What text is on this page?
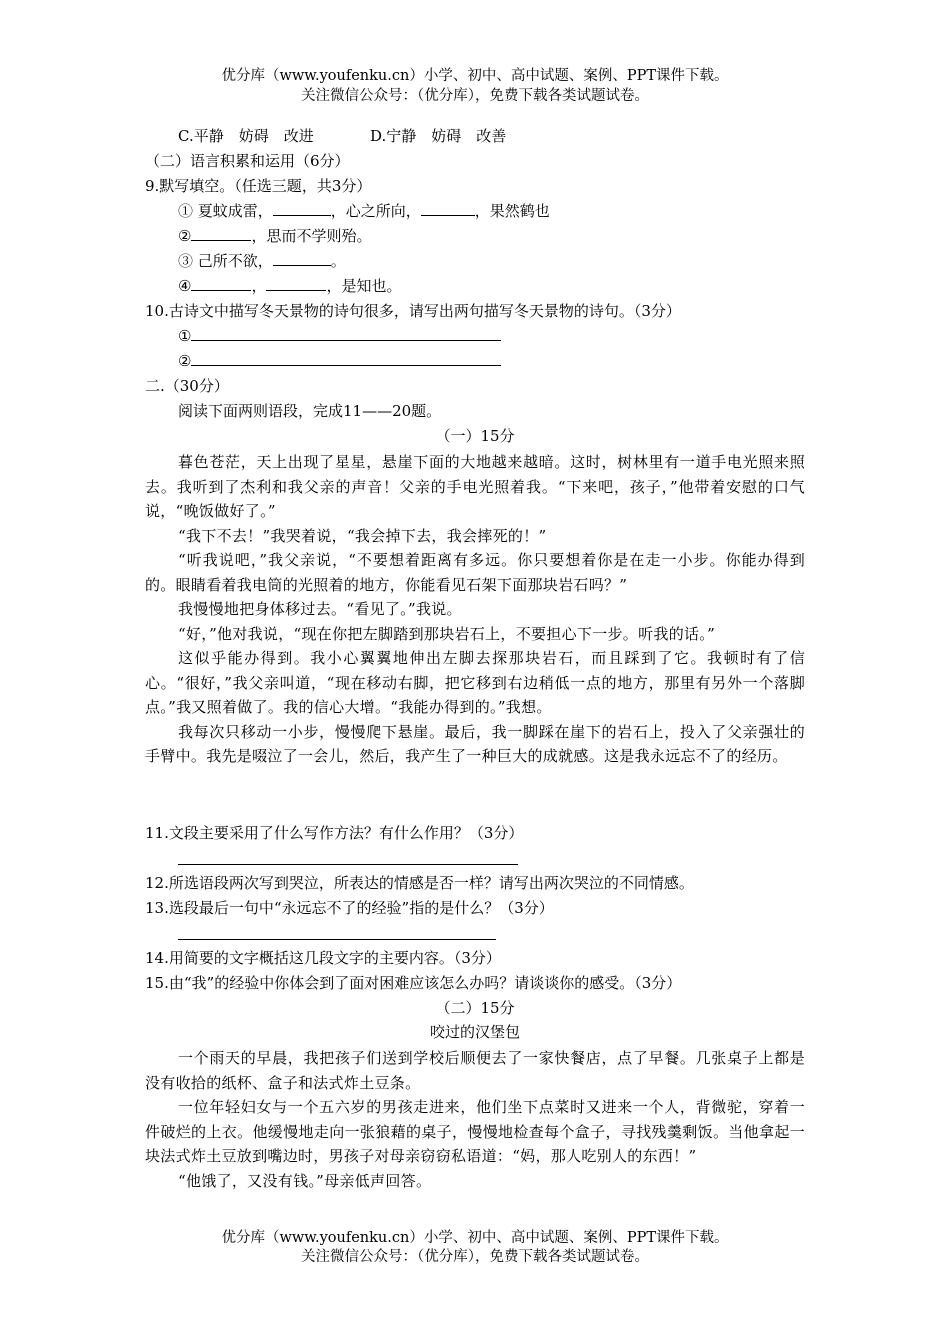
优分库（www.youfenku.cn）小学、初中、高中试题、案例、PPT课件下载。
关注微信公众号：（优分库），免费下载各类试题试卷。
C.平静　妨碍　改进	D.宁静　妨碍　改善
（二）语言积累和运用（6分）
9.默写填空。（任选三题，共3分）
① 夏蚊成雷，	，心之所向，	，果然鹤也
②	，思而不学则殆。
③ 己所不欲，	。
④	，	，是知也。
10.古诗文中描写冬天景物的诗句很多，请写出两句描写冬天景物的诗句。（3分）
①
②
二.（30分）
阅读下面两则语段，完成11——20题。
（一）15分

暮色苍茫，天上出现了星星，悬崖下面的大地越来越暗。这时，树林里有一道手电光照来照去。我听到了杰利和我父亲的声音！父亲的手电光照着我。“下来吧，孩子，”他带着安慰的口气说，“晚饭做好了。”

“我下不去！”我哭着说，“我会掉下去，我会摔死的！”

“听我说吧，”我父亲说，“不要想着距离有多远。你只要想着你是在走一小步。你能办得到的。眼睛看着我电筒的光照着的地方，你能看见石架下面那块岩石吗？”

我慢慢地把身体移过去。“看见了。”我说。

“好，”他对我说，“现在你把左脚踏到那块岩石上，不要担心下一步。听我的话。”

这似乎能办得到。我小心翼翼地伸出左脚去探那块岩石，而且踩到了它。我顿时有了信心。“很好，”我父亲叫道，“现在移动右脚，把它移到右边稍低一点的地方，那里有另外一个落脚点。”我又照着做了。我的信心大增。“我能办得到的。”我想。

我每次只移动一小步，慢慢爬下悬崖。最后，我一脚踩在崖下的岩石上，投入了父亲强壮的手臂中。我先是啜泣了一会儿，然后，我产生了一种巨大的成就感。这是我永远忘不了的经历。

11.文段主要采用了什么写作方法？有什么作用？（3分）
12.所选语段两次写到哭泣，所表达的情感是否一样？请写出两次哭泣的不同情感。
13.选段最后一句中“永远忘不了的经验”指的是什么？（3分）
14.用简要的文字概括这几段文字的主要内容。（3分）
15.由“我”的经验中你体会到了面对困难应该怎么办吗？请谈谈你的感受。（3分）
（二）15分
咬过的汉堡包

一个雨天的早晨，我把孩子们送到学校后顺便去了一家快餐店，点了早餐。几张桌子上都是没有收拾的纸杯、盒子和法式炸土豆条。

一位年轻妇女与一个五六岁的男孩走进来，他们坐下点菜时又进来一个人，背微驼，穿着一件破烂的上衣。他缓慢地走向一张狼藉的桌子，慢慢地检查每个盒子，寻找残羹剩饭。当他拿起一块法式炸土豆放到嘴边时，男孩子对母亲窃窃私语道：“妈，那人吃别人的东西！”

“他饿了，又没有钱。”母亲低声回答。

优分库（www.youfenku.cn）小学、初中、高中试题、案例、PPT课件下载。
关注微信公众号：（优分库），免费下载各类试题试卷。
